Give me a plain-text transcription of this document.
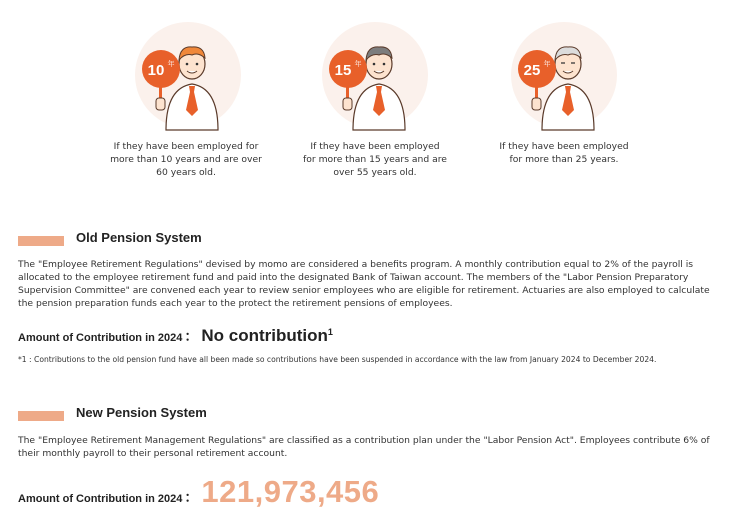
10 年
If they have been employed for
more than 10 years and are over
60 years old.
15 年
If they have been employed
for more than 15 years and are
over 55 years old.
25 年
If they have been employed
for more than 25 years.
Old Pension System
The "Employee Retirement Regulations" devised by momo are considered a benefits program. A monthly contribution equal to 2% of the payroll is allocated to the employee retirement fund and paid into the designated Bank of Taiwan account. The members of the "Labor Pension Preparatory Supervision Committee" are convened each year to review senior employees who are eligible for retirement. Actuaries are also employed to calculate the pension preparation funds each year to the protect the retirement pensions of employees.
Amount of Contribution in 2024 ： No contribution$^1$
*1 : Contributions to the old pension fund have all been made so contributions have been suspended in accordance with the law from January 2024 to December 2024.
New Pension System
The "Employee Retirement Management Regulations" are classified as a contribution plan under the "Labor Pension Act". Employees contribute 6% of their monthly payroll to their personal retirement account.
Amount of Contribution in 2024 ：121,973,456
